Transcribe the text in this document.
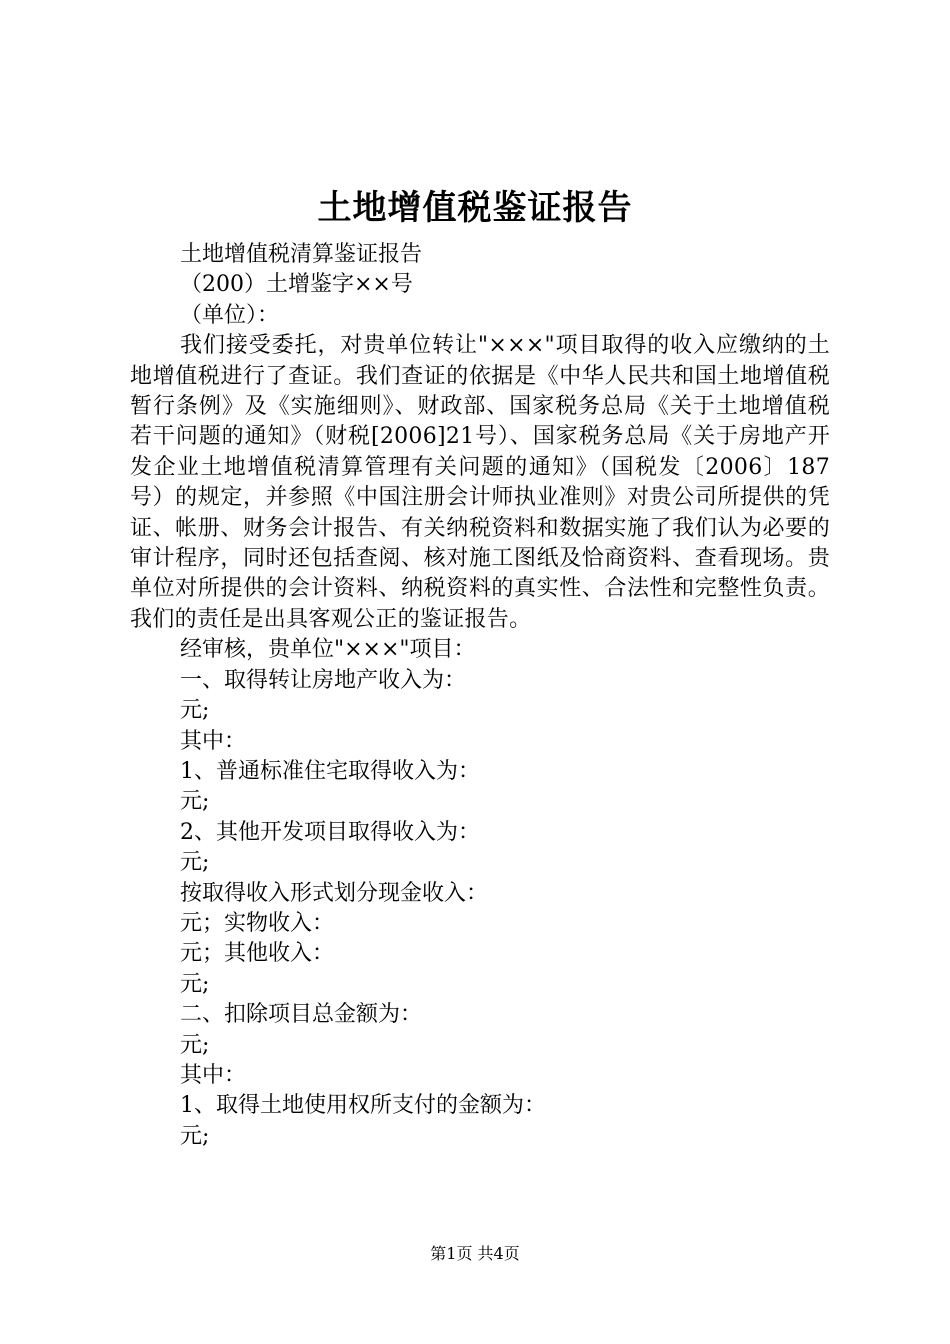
土地增值税鉴证报告
土地增值税清算鉴证报告
（200）土增鉴字××号
（单位）：
我们接受委托，对贵单位转让"×××"项目取得的收入应缴纳的土地增值税进行了查证。我们查证的依据是《中华人民共和国土地增值税暂行条例》及《实施细则》、财政部、国家税务总局《关于土地增值税若干问题的通知》（财税[2006]21号）、国家税务总局《关于房地产开发企业土地增值税清算管理有关问题的通知》（国税发〔2006〕187号）的规定，并参照《中国注册会计师执业准则》对贵公司所提供的凭证、帐册、财务会计报告、有关纳税资料和数据实施了我们认为必要的审计程序，同时还包括查阅、核对施工图纸及恰商资料、查看现场。贵单位对所提供的会计资料、纳税资料的真实性、合法性和完整性负责。我们的责任是出具客观公正的鉴证报告。
经审核，贵单位"×××"项目：
一、取得转让房地产收入为：
元;
其中：
1、普通标准住宅取得收入为：
元;
2、其他开发项目取得收入为：
元;
按取得收入形式划分现金收入：
元；实物收入：
元；其他收入：
元;
二、扣除项目总金额为：
元;
其中：
1、取得土地使用权所支付的金额为：
元;
第1页 共4页
